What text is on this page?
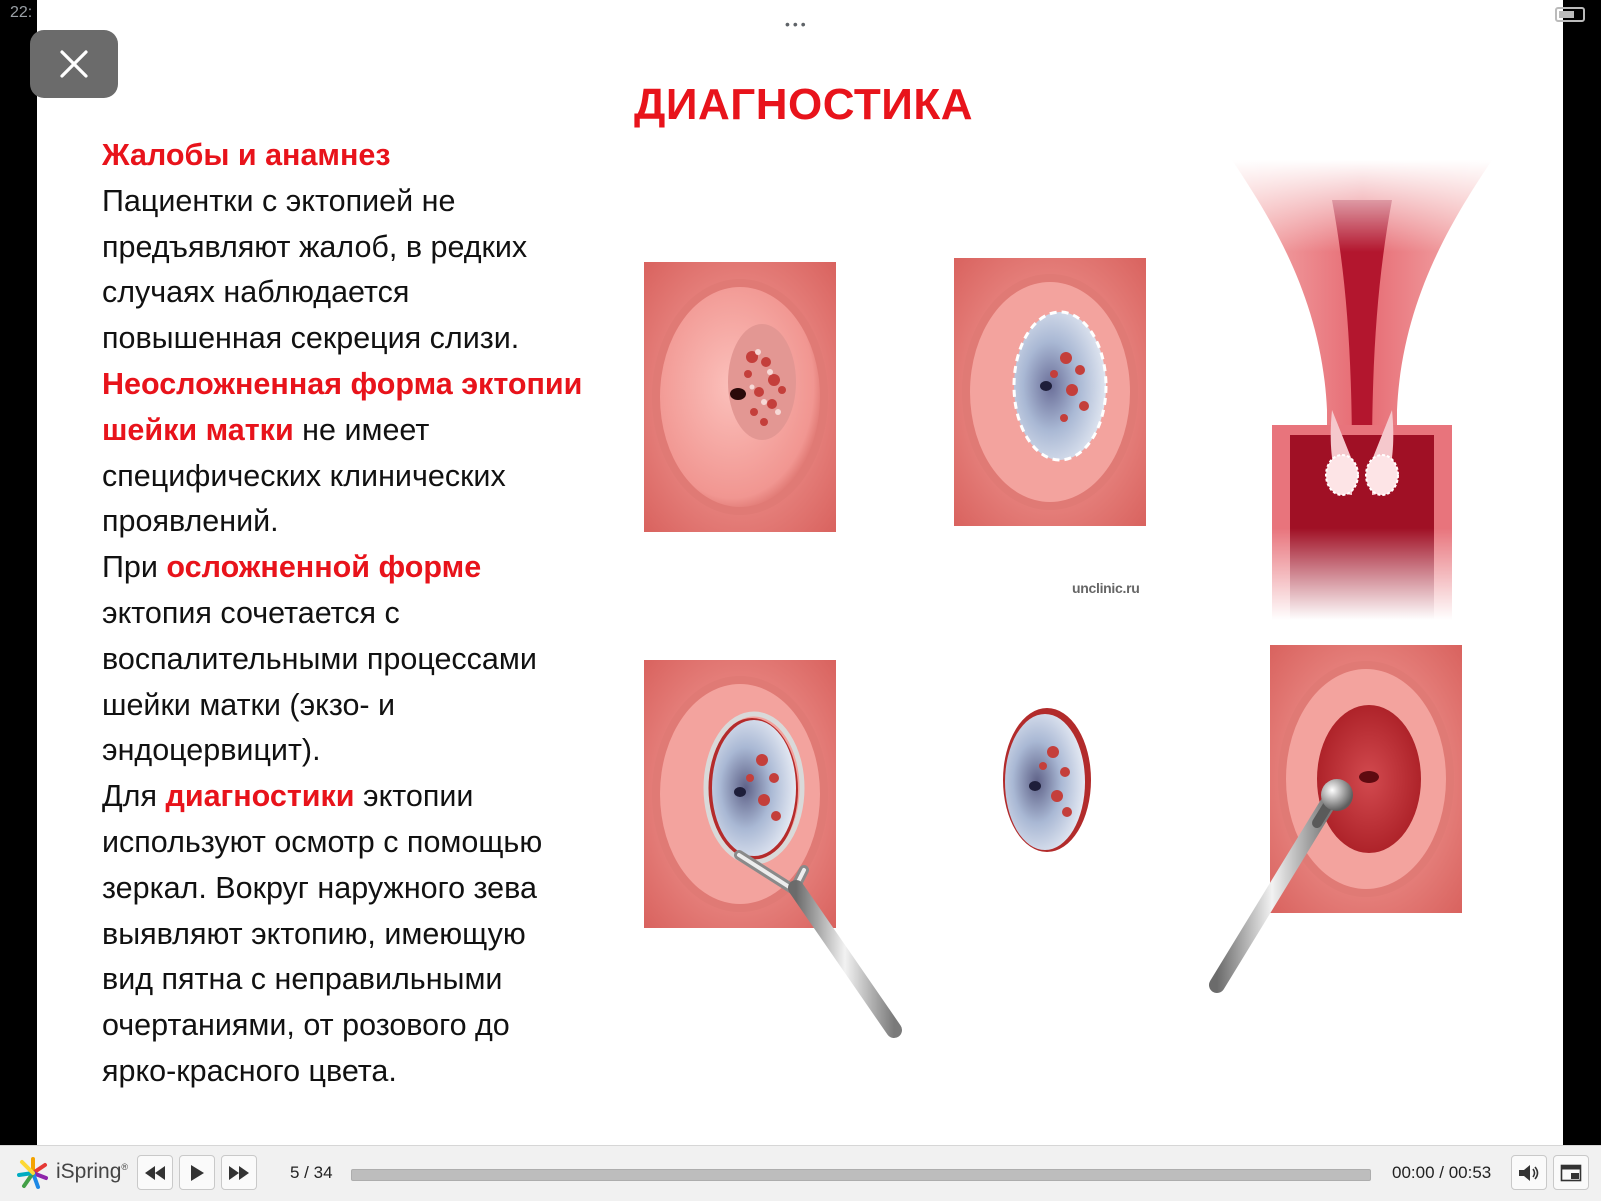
22:
•••
ДИАГНОСТИКА

Жалобы и анамнез

Пациентки с эктопией не

предъявляют жалоб, в редких

случаях наблюдается

повышенная секреция слизи.

Неосложненная форма эктопии

шейки матки не имеет

специфических клинических

проявлений.

При осложненной форме

эктопия сочетается с

воспалительными процессами

шейки матки (экзо- и

эндоцервицит).

Для диагностики эктопии

используют осмотр с помощью

зеркал. Вокруг наружного зева

выявляют эктопию, имеющую

вид пятна с неправильными

очертаниями, от розового до

ярко-красного цвета.

unclinic.ru
iSpring®	5 / 34	00:00 / 00:53
